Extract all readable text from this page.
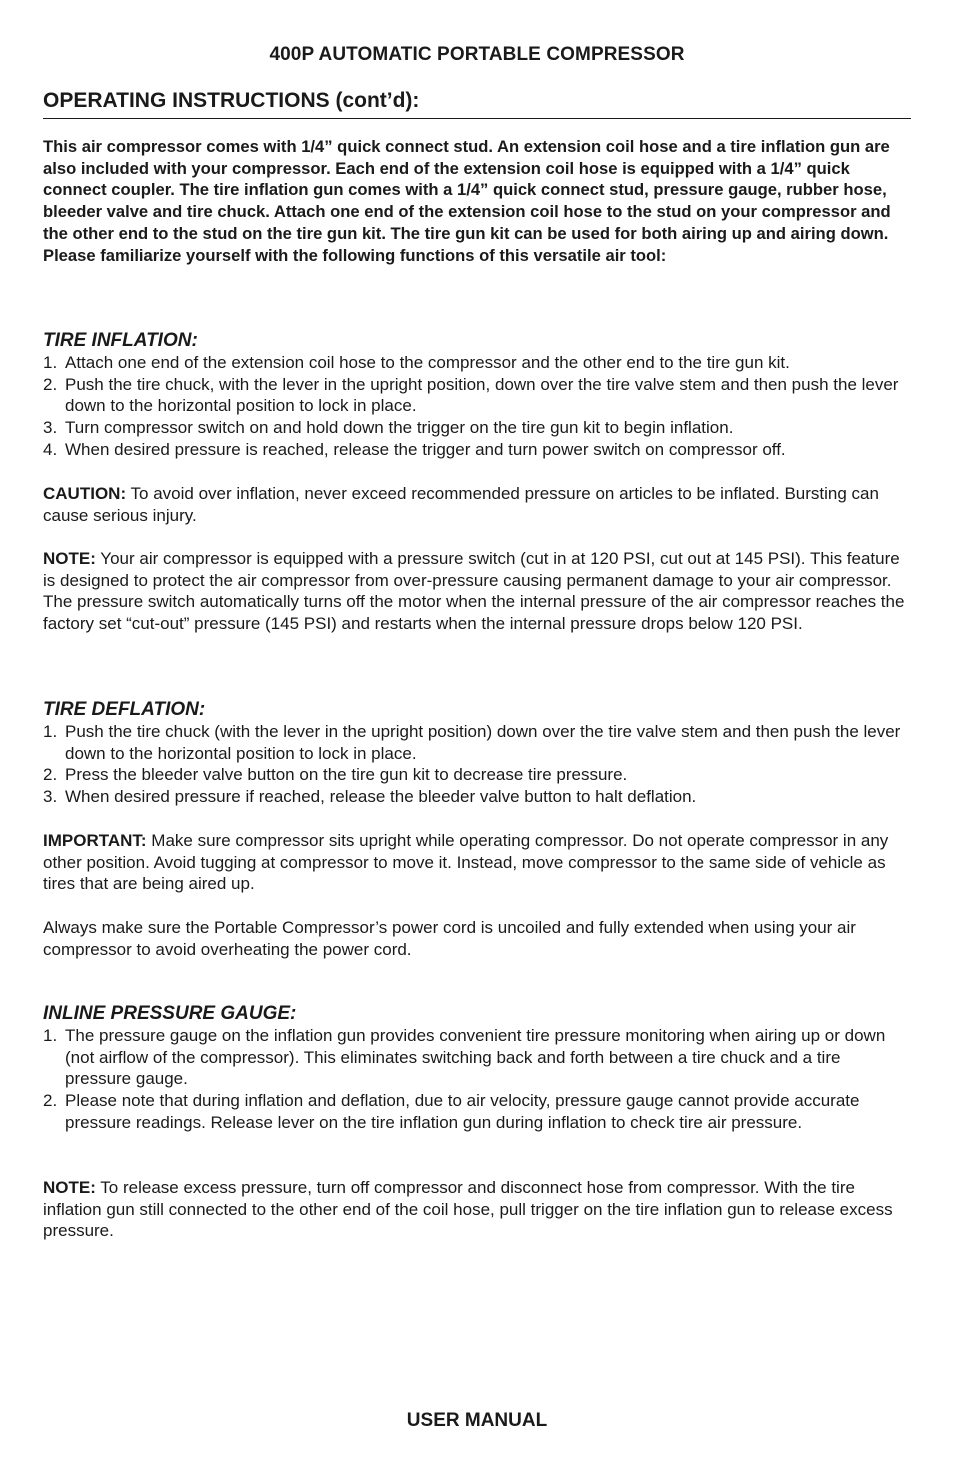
400P AUTOMATIC PORTABLE COMPRESSOR
OPERATING INSTRUCTIONS (cont’d):

This air compressor comes with 1/4” quick connect stud. An extension coil hose and a tire inflation gun are also included with your compressor. Each end of the extension coil hose is equipped with a 1/4” quick connect coupler. The tire inflation gun comes with a 1/4” quick connect stud, pressure gauge, rubber hose, bleeder valve and tire chuck. Attach one end of the extension coil hose to the stud on your compressor and the other end to the stud on the tire gun kit. The tire gun kit can be used for both airing up and airing down. Please familiarize yourself with the following functions of this versatile air tool:

TIRE INFLATION:

1. Attach one end of the extension coil hose to the compressor and the other end to the tire gun kit.
2. Push the tire chuck, with the lever in the upright position, down over the tire valve stem and then push the lever down to the horizontal position to lock in place.
3. Turn compressor switch on and hold down the trigger on the tire gun kit to begin inflation.
4. When desired pressure is reached, release the trigger and turn power switch on compressor off.

CAUTION: To avoid over inflation, never exceed recommended pressure on articles to be inflated. Bursting can cause serious injury.

NOTE: Your air compressor is equipped with a pressure switch (cut in at 120 PSI, cut out at 145 PSI). This feature is designed to protect the air compressor from over-pressure causing permanent damage to your air compressor. The pressure switch automatically turns off the motor when the internal pressure of the air compressor reaches the factory set “cut-out” pressure (145 PSI) and restarts when the internal pressure drops below 120 PSI.

TIRE DEFLATION:

1. Push the tire chuck (with the lever in the upright position) down over the tire valve stem and then push the lever down to the horizontal position to lock in place.
2. Press the bleeder valve button on the tire gun kit to decrease tire pressure.
3. When desired pressure if reached, release the bleeder valve button to halt deflation.

IMPORTANT: Make sure compressor sits upright while operating compressor. Do not operate compressor in any other position. Avoid tugging at compressor to move it. Instead, move compressor to the same side of vehicle as tires that are being aired up.

Always make sure the Portable Compressor’s power cord is uncoiled and fully extended when using your air compressor to avoid overheating the power cord.

INLINE PRESSURE GAUGE:

1. The pressure gauge on the inflation gun provides convenient tire pressure monitoring when airing up or down (not airflow of the compressor). This eliminates switching back and forth between a tire chuck and a tire pressure gauge.
2. Please note that during inflation and deflation, due to air velocity, pressure gauge cannot provide accurate pressure readings. Release lever on the tire inflation gun during inflation to check tire air pressure.

NOTE: To release excess pressure, turn off compressor and disconnect hose from compressor. With the tire inflation gun still connected to the other end of the coil hose, pull trigger on the tire inflation gun to release excess pressure.

USER MANUAL
